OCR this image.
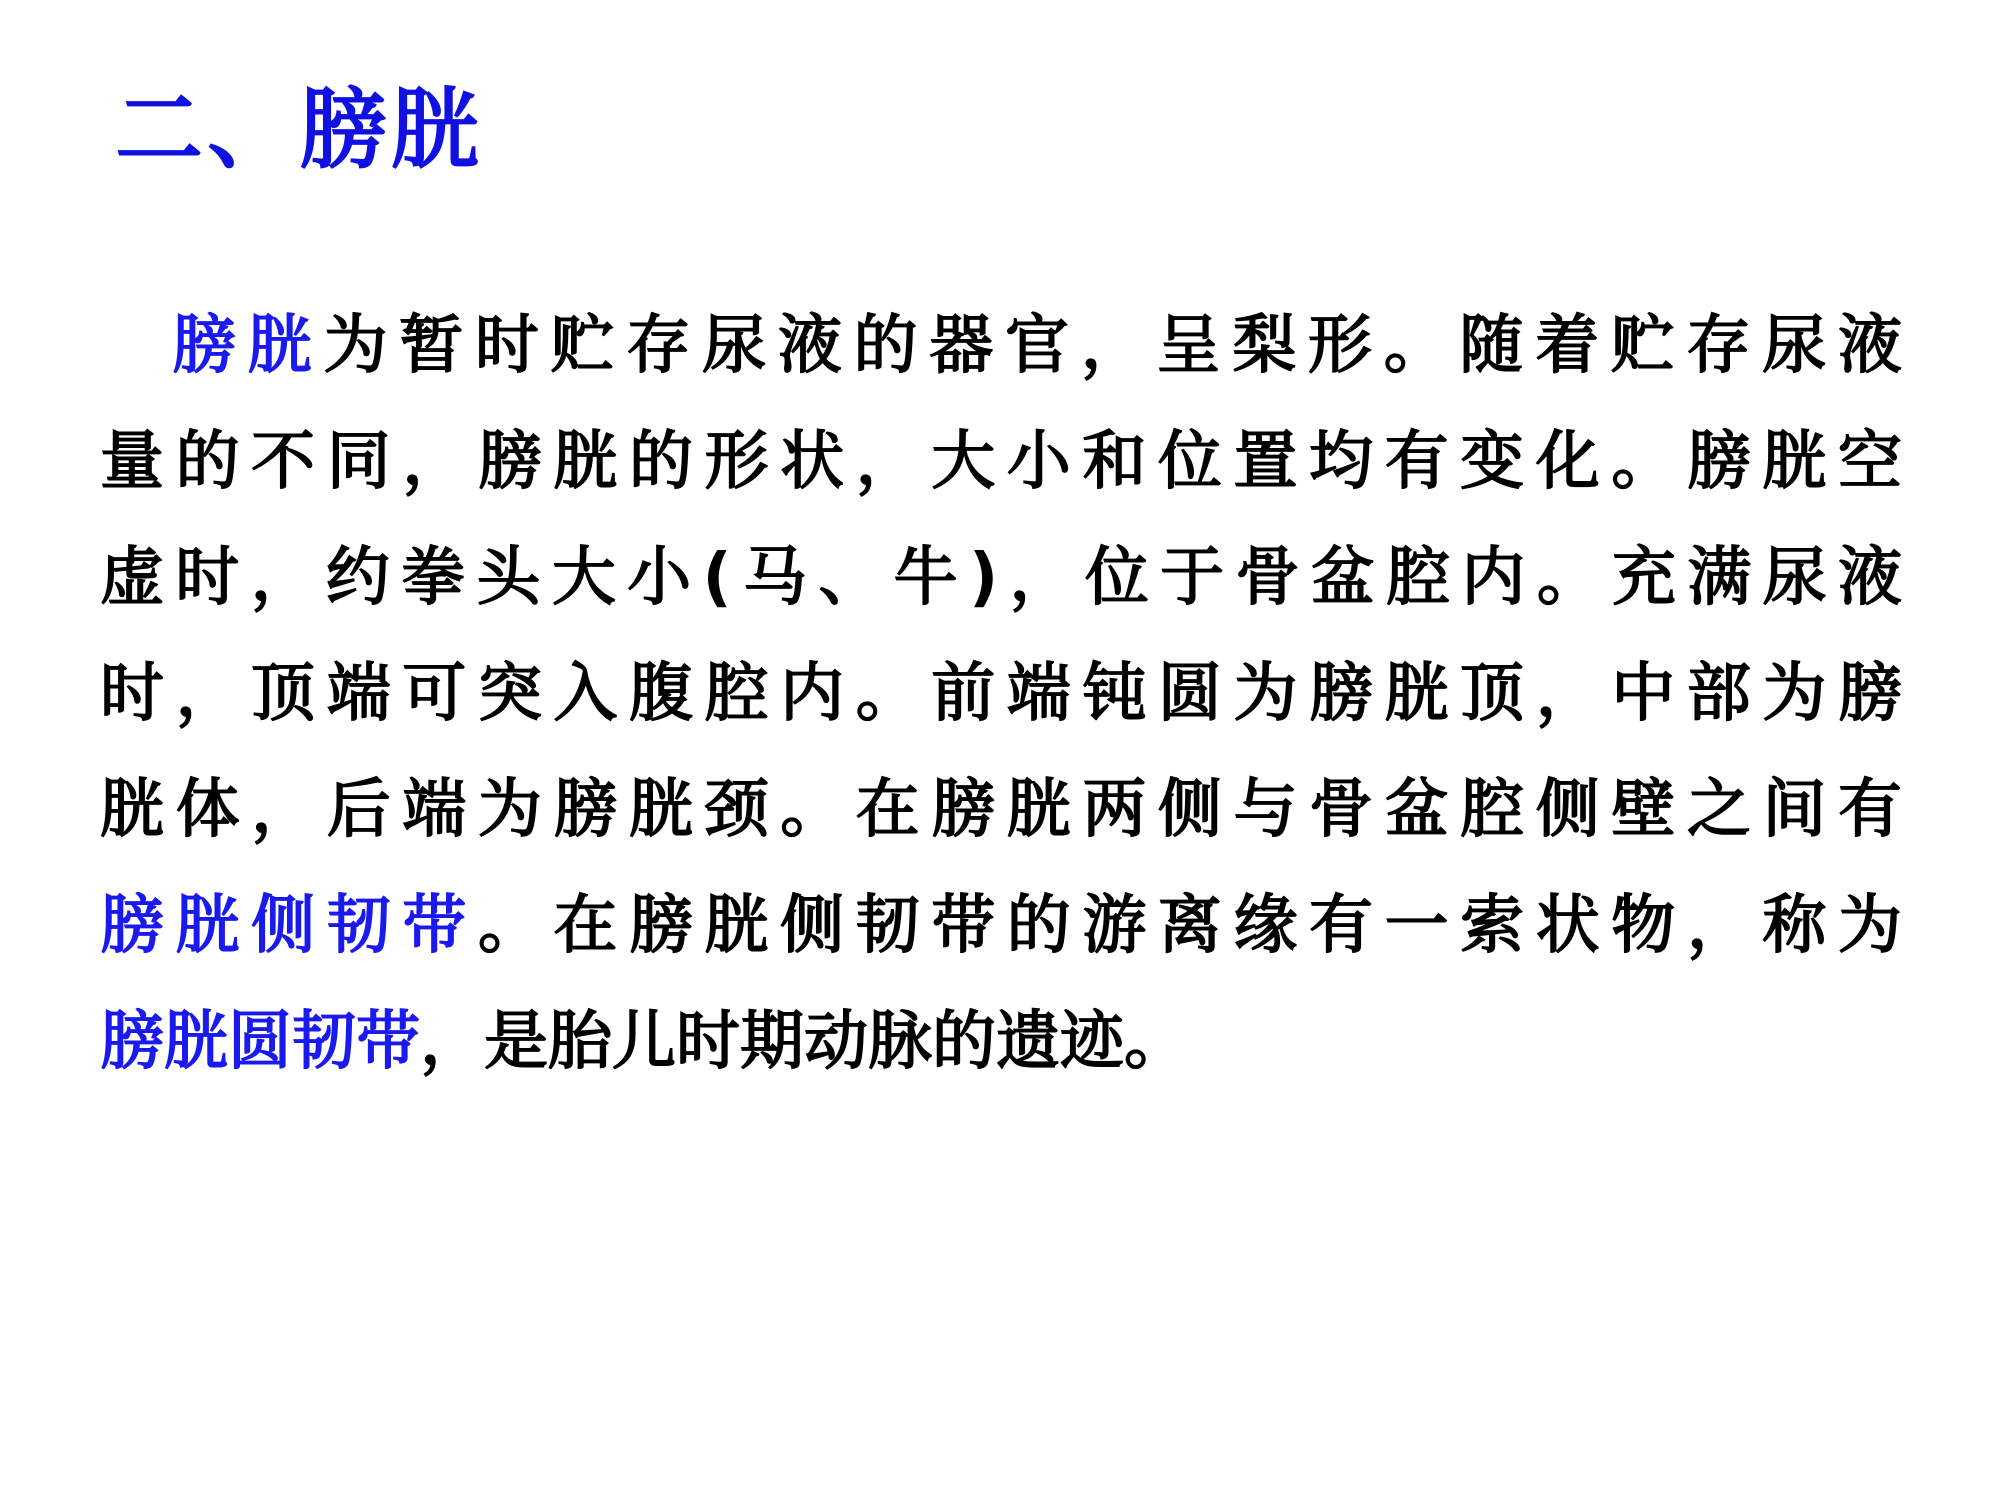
二、膀胱

膀胱为暂时贮存尿液的器官，呈梨形。随着贮存尿液

量的不同，膀胱的形状，大小和位置均有变化。膀胱空

虚时，约拳头大小(马、牛)，位于骨盆腔内。充满尿液

时，顶端可突入腹腔内。前端钝圆为膀胱顶，中部为膀

胱体，后端为膀胱颈。在膀胱两侧与骨盆腔侧壁之间有

膀胱侧韧带。在膀胱侧韧带的游离缘有一索状物，称为

膀胱圆韧带，是胎儿时期动脉的遗迹。
